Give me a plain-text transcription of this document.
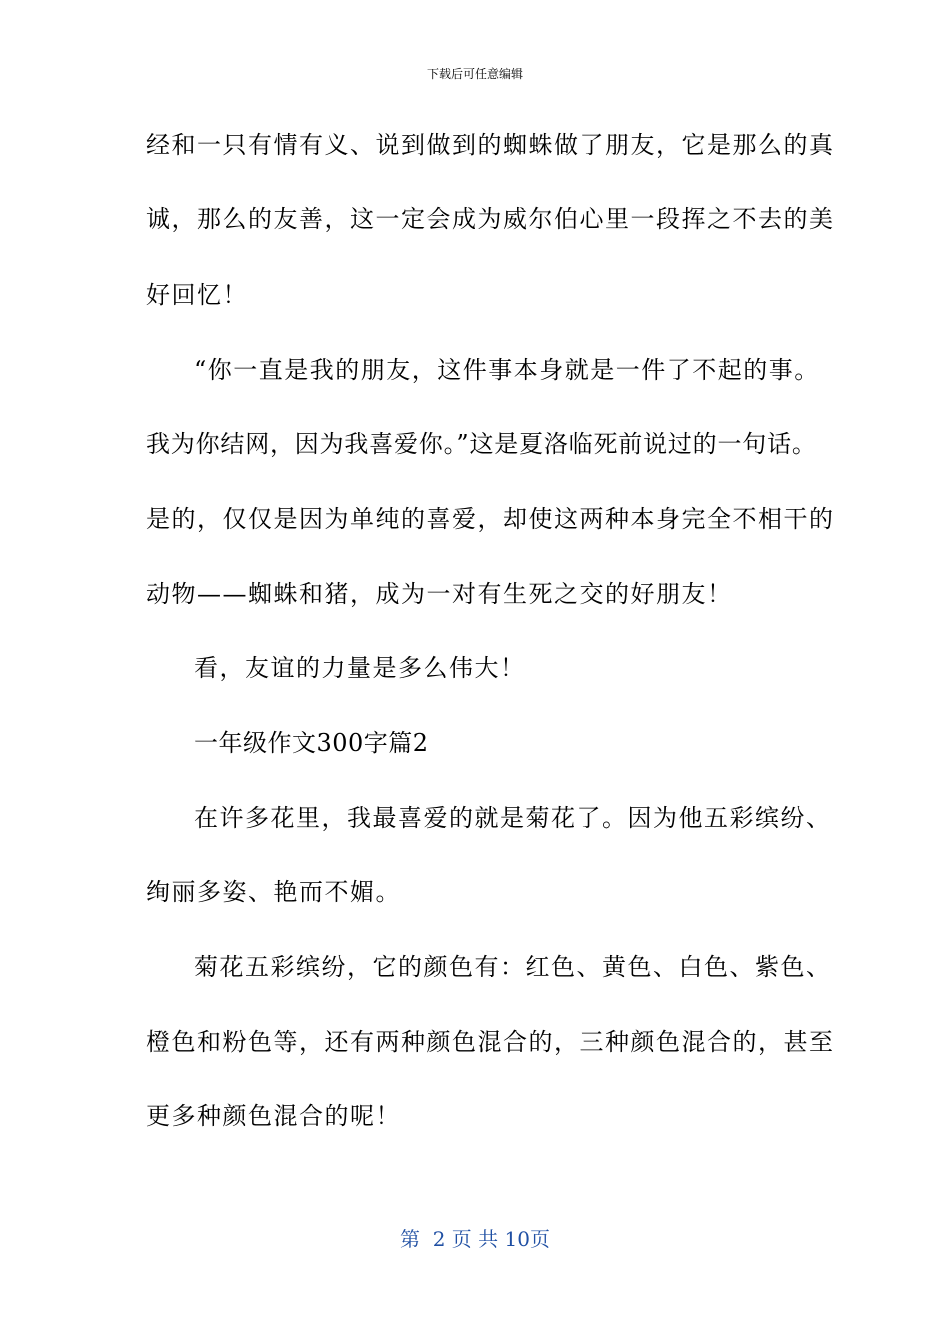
下载后可任意编辑
经和一只有情有义、说到做到的蜘蛛做了朋友，它是那么的真
诚，那么的友善，这一定会成为威尔伯心里一段挥之不去的美
好回忆！
“你一直是我的朋友，这件事本身就是一件了不起的事。
我为你结网，因为我喜爱你。”这是夏洛临死前说过的一句话。
是的，仅仅是因为单纯的喜爱，却使这两种本身完全不相干的
动物——蜘蛛和猪，成为一对有生死之交的好朋友！
看，友谊的力量是多么伟大！
一年级作文300字篇2
在许多花里，我最喜爱的就是菊花了。因为他五彩缤纷、
绚丽多姿、艳而不媚。
菊花五彩缤纷，它的颜色有：红色、黄色、白色、紫色、
橙色和粉色等，还有两种颜色混合的，三种颜色混合的，甚至
更多种颜色混合的呢！
第  2 页 共 10页
